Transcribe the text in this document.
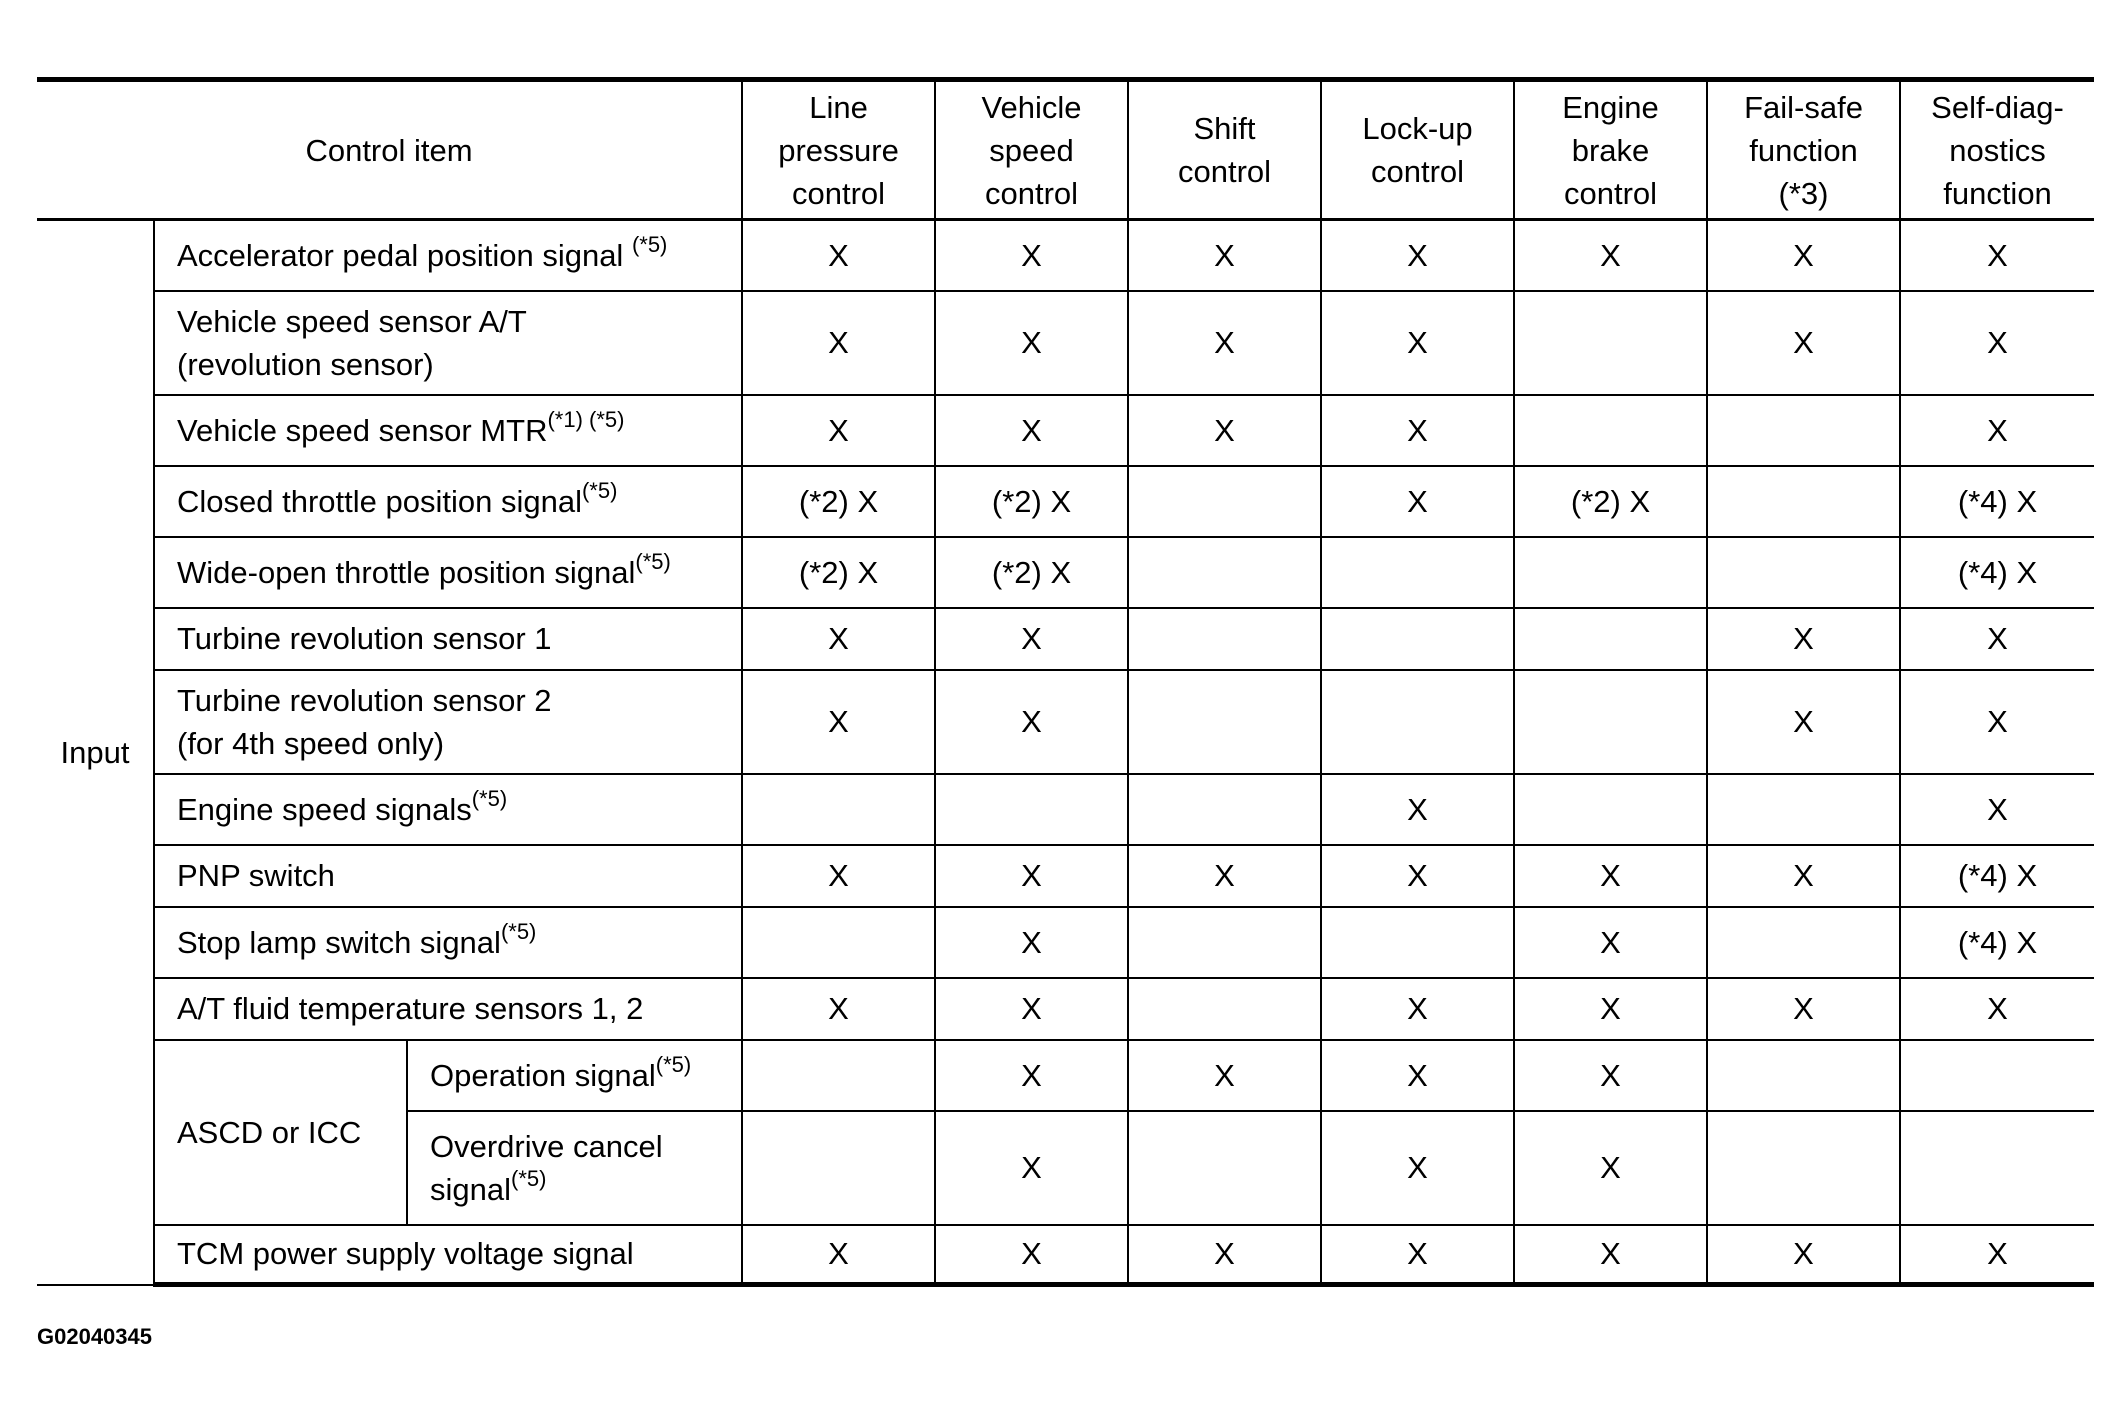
Control item			Line
pressure
control	Vehicle
speed
control	Shift
control	Lock-up
control	Engine
brake
control	Fail-safe
function
(*3)	Self-diag-
nostics
function
Input	Accelerator pedal position signal $^{(*5)}$		X	X	X	X	X	X	X
	Vehicle speed sensor A/T
(revolution sensor)		X	X	X	X		X	X
	Vehicle speed sensor $MTR^{(*1) (*5)}$		X	X	X	X			X
	Closed throttle position signal$^{(*5)}$		(*2) X	(*2) X		X	(*2) X		(*4) X
	Wide-open throttle position signal$^{(*5)}$		(*2) X	(*2) X					(*4) X
	Turbine revolution sensor 1		X	X				X	X
	Turbine revolution sensor 2
(for 4th speed only)		X	X				X	X
	Engine speed signals$^{(*5)}$					X			X
	PNP switch		X	X	X	X	X	X	(*4) X
	Stop lamp switch signal$^{(*5)}$			X			X		(*4) X
	A/T fluid temperature sensors 1, 2		X	X		X	X	X	X
	ASCD or ICC	Operation signal$^{(*5)}$		X	X	X	X		
		Overdrive cancel
signal$^{(*5)}$		X		X	X		
	TCM power supply voltage signal		X	X	X	X	X	X	X
G02040345
